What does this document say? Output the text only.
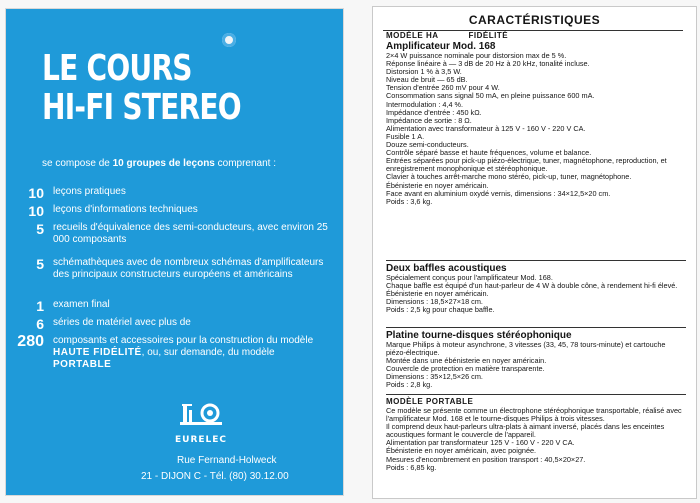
LE COURS
HI-FI STEREO
se compose de 10 groupes de leçons comprenant :
10 leçons pratiques
10 leçons d'informations techniques
5 recueils d'équivalence des semi-conducteurs, avec environ 25 000 composants
5 schémathèques avec de nombreux schémas d'amplificateurs des principaux constructeurs européens et américains
1 examen final
6 séries de matériel avec plus de
280 composants et accessoires pour la construction du modèle HAUTE FIDÉLITÉ, ou, sur demande, du modèle PORTABLE
EURELEC
Rue Fernand-Holweck
21 - DIJON C - Tél. (80) 30.12.00
CARACTÉRISTIQUES
MODÈLE HA	FIDÉLITÉ
Amplificateur Mod. 168
2×4 W puissance nominale pour distorsion max de 5 %.
Réponse linéaire à — 3 dB de 20 Hz à 20 kHz, tonalité incluse.
Distorsion 1 % à 3,5 W.
Niveau de bruit — 65 dB.
Tension d'entrée 260 mV pour 4 W.
Consommation sans signal 50 mA, en pleine puissance 600 mA.
Intermodulation : 4,4 %.
Impédance d'entrée : 450 kΩ.
Impédance de sortie : 8 Ω.
Alimentation avec transformateur à 125 V - 160 V - 220 V CA.
Fusible 1 A.
Douze semi-conducteurs.
Contrôle séparé basse et haute fréquences, volume et balance.
Entrées séparées pour pick-up piézo-électrique, tuner, magnétophone, reproduction, et enregistrement monophonique et stéréophonique.
Clavier à touches arrêt-marche mono stéréo, pick-up, tuner, magnétophone.
Ébénisterie en noyer américain.
Face avant en aluminium oxydé vernis, dimensions : 34×12,5×20 cm.
Poids : 3,6 kg.
Deux baffles acoustiques
Spécialement conçus pour l'amplificateur Mod. 168.
Chaque baffle est équipé d'un haut-parleur de 4 W à double cône, à rendement hi-fi élevé.
Ébénisterie en noyer américain.
Dimensions : 18,5×27×18 cm.
Poids : 2,5 kg pour chaque baffle.
Platine tourne-disques stéréophonique
Marque Philips à moteur asynchrone, 3 vitesses (33, 45, 78 tours-minute) et cartouche piézo-électrique.
Montée dans une ébénisterie en noyer américain.
Couvercle de protection en matière transparente.
Dimensions : 35×12,5×26 cm.
Poids : 2,8 kg.
MODÈLE PORTABLE
Ce modèle se présente comme un électrophone stéréophonique transportable, réalisé avec l'amplificateur Mod. 168 et le tourne-disques Philips à trois vitesses.
Il comprend deux haut-parleurs ultra-plats à aimant inversé, placés dans les enceintes acoustiques formant le couvercle de l'appareil.
Alimentation par transformateur 125 V - 160 V - 220 V CA.
Ébénisterie en noyer américain, avec poignée.
Mesures d'encombrement en position transport : 40,5×20×27.
Poids : 6,85 kg.
